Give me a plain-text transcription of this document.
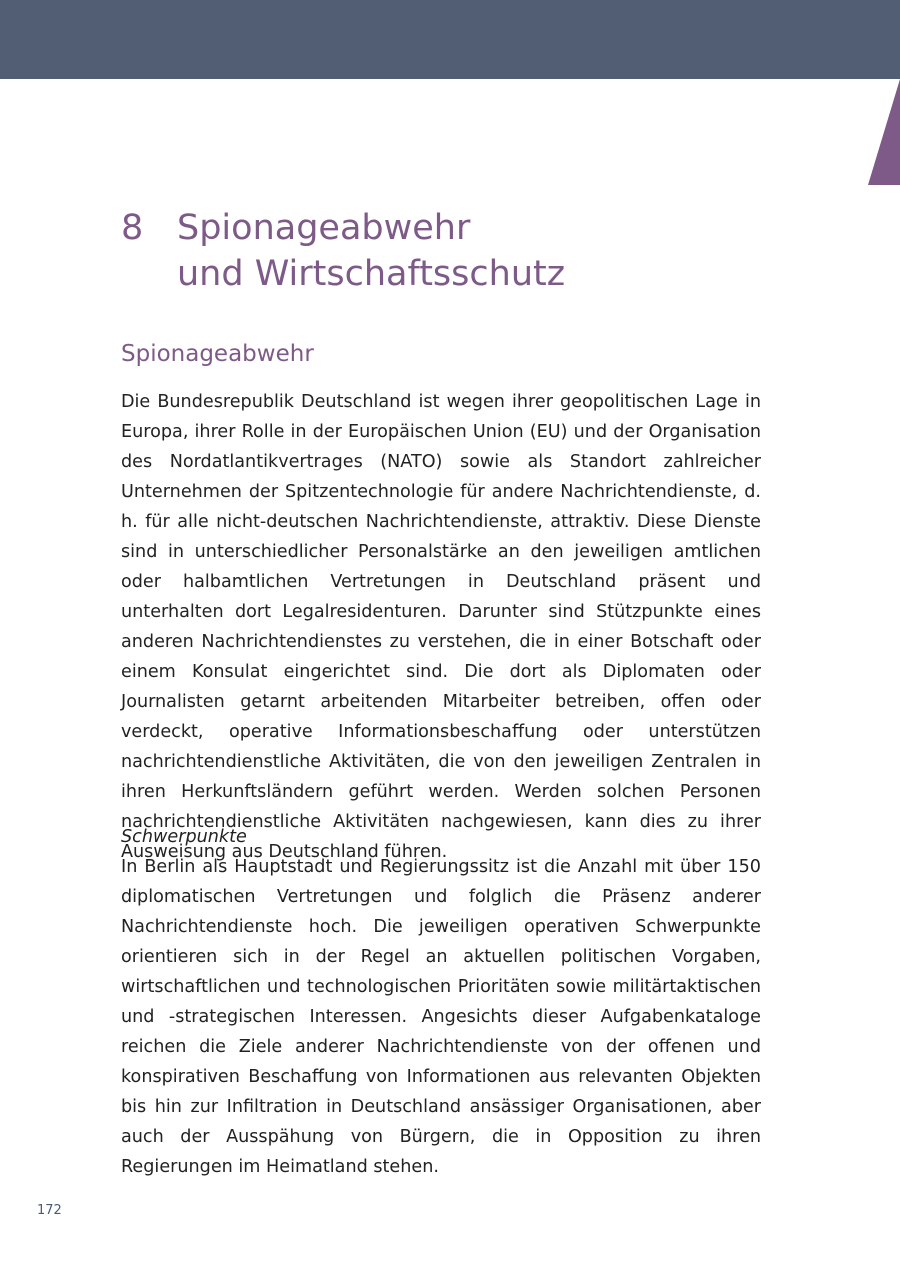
8 Spionageabwehr
und Wirtschaftsschutz
Spionageabwehr

Die Bundesrepublik Deutschland ist wegen ihrer geopolitischen Lage in Europa, ihrer Rolle in der Europäischen Union (EU) und der Organisation des Nordatlantikvertrages (NATO) sowie als Standort zahlreicher Unternehmen der Spitzentechnologie für andere Nachrichtendienste, d. h. für alle nicht-deutschen Nachrichtendienste, attraktiv. Diese Dienste sind in unterschiedlicher Personalstärke an den jeweiligen amtlichen oder halbamtlichen Vertretungen in Deutschland präsent und unterhalten dort Legalresidenturen. Darunter sind Stützpunkte eines anderen Nachrichtendienstes zu verstehen, die in einer Botschaft oder einem Konsulat eingerichtet sind. Die dort als Diplomaten oder Journalisten getarnt arbeitenden Mitarbeiter betreiben, offen oder verdeckt, operative Informationsbeschaffung oder unterstützen nachrichtendienstliche Aktivitäten, die von den jeweiligen Zentralen in ihren Herkunftsländern geführt werden. Werden solchen Personen nachrichtendienstliche Aktivitäten nachgewiesen, kann dies zu ihrer Ausweisung aus Deutschland führen.

Schwerpunkte

In Berlin als Hauptstadt und Regierungssitz ist die Anzahl mit über 150 diplomatischen Vertretungen und folglich die Präsenz anderer Nachrichtendienste hoch. Die jeweiligen operativen Schwerpunkte orientieren sich in der Regel an aktuellen politischen Vorgaben, wirtschaftlichen und technologischen Prioritäten sowie militärtaktischen und -strategischen Interessen. Angesichts dieser Aufgabenkataloge reichen die Ziele anderer Nachrichtendienste von der offenen und konspirativen Beschaffung von Informationen aus relevanten Objekten bis hin zur Infiltration in Deutschland ansässiger Organisationen, aber auch der Ausspähung von Bürgern, die in Opposition zu ihren Regierungen im Heimatland stehen.

172
